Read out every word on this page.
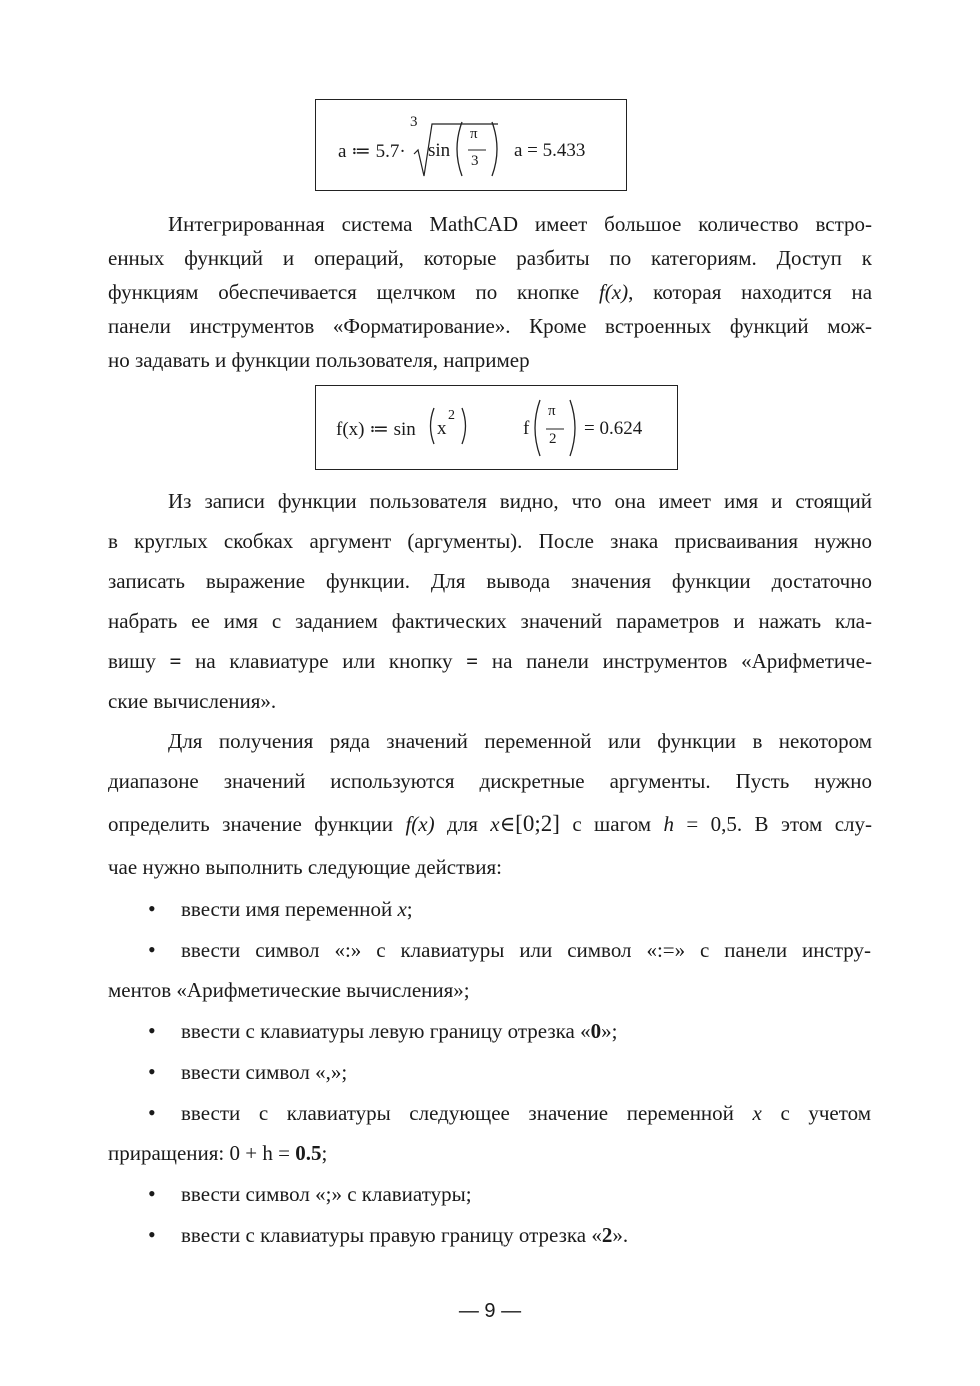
a ≔ 5.7·
3
sin
π
3 a = 5.433
Интегрированная система MathCAD имеет большое количество встро-
енных функций и операций, которые разбиты по категориям. Доступ к
функциям обеспечивается щелчком по кнопке f(x), которая находится на
панели инструментов «Форматирование». Кроме встроенных функций мож-
но задавать и функции пользователя, например
f(x) ≔ sin x
2
f
π
2 = 0.624
Из записи функции пользователя видно, что она имеет имя и стоящий
в круглых скобках аргумент (аргументы). После знака присваивания нужно
записать выражение функции. Для вывода значения функции достаточно
набрать ее имя с заданием фактических значений параметров и нажать кла-
вишу = на клавиатуре или кнопку = на панели инструментов «Арифметиче-
ские вычисления».
Для получения ряда значений переменной или функции в некотором
диапазоне значений используются дискретные аргументы. Пусть нужно
определить значение функции f(x) для x∈[0;2] с шагом h = 0,5. В этом слу-
чае нужно выполнить следующие действия:
• ввести имя переменной x;
• ввести символ «:» с клавиатуры или символ «:=» с панели инстру-
ментов «Арифметические вычисления»;
• ввести с клавиатуры левую границу отрезка «0»;
• ввести символ «,»;
• ввести с клавиатуры следующее значение переменной x с учетом
приращения: 0 + h = 0.5;
• ввести символ «;» с клавиатуры;
• ввести с клавиатуры правую границу отрезка «2».
— 9 —
